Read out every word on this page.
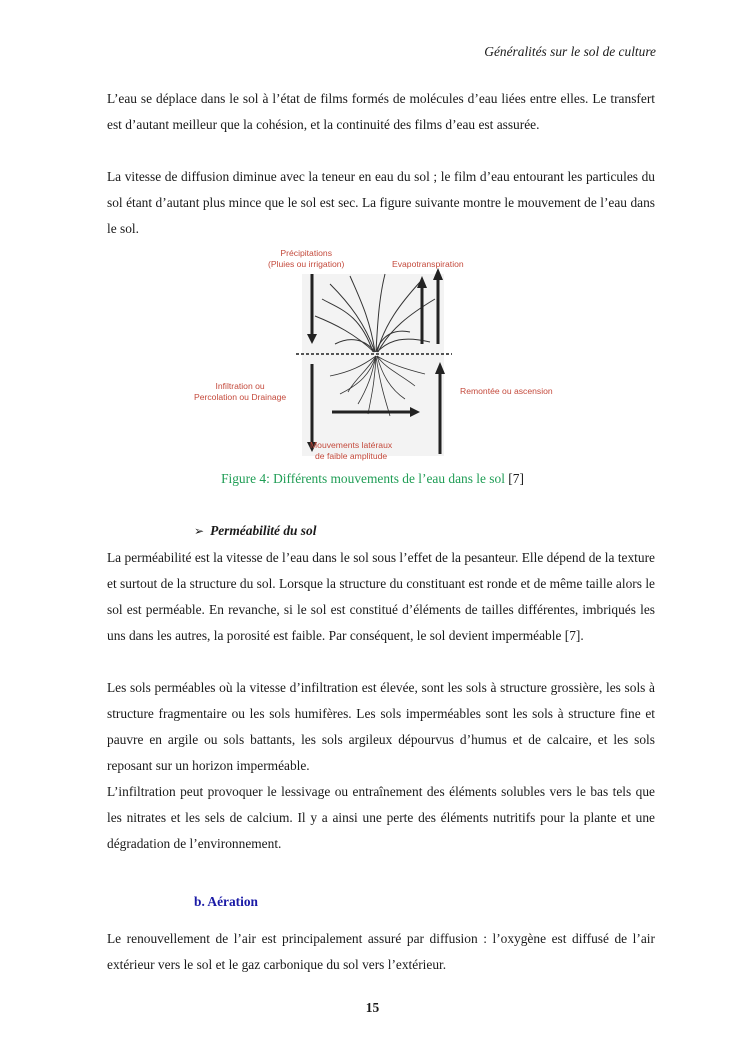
Généralités sur le sol de culture

L’eau se déplace dans le sol à l’état de films formés de molécules d’eau liées entre elles. Le transfert est d’autant meilleur que la cohésion, et la continuité des films d’eau est assurée.

La vitesse de diffusion diminue avec la teneur en eau du sol ; le film d’eau entourant les particules du sol étant d’autant plus mince que le sol est sec. La figure suivante montre le mouvement de l’eau dans le sol.

Précipitations
(Pluies ou irrigation)	Evapotranspiration
Infiltration ou
Percolation ou Drainage
Remontée ou ascension
Mouvements latéraux
de faible amplitude
Figure 4: Différents mouvements de l’eau dans le sol [7]
➢ Perméabilité du sol

La perméabilité est la vitesse de l’eau dans le sol sous l’effet de la pesanteur. Elle dépend de la texture et surtout de la structure du sol. Lorsque la structure du constituant est ronde et de même taille alors le sol est perméable. En revanche, si le sol est constitué d’éléments de tailles différentes, imbriqués les uns dans les autres, la porosité est faible. Par conséquent, le sol devient imperméable [7].

Les sols perméables où la vitesse d’infiltration est élevée, sont les sols à structure grossière, les sols à structure fragmentaire ou les sols humifères. Les sols imperméables sont les sols à structure fine et pauvre en argile ou sols battants, les sols argileux dépourvus d’humus et de calcaire, et les sols reposant sur un horizon imperméable.

L’infiltration peut provoquer le lessivage ou entraînement des éléments solubles vers le bas tels que les nitrates et les sels de calcium. Il y a ainsi une perte des éléments nutritifs pour la plante et une dégradation de l’environnement.

b. Aération

Le renouvellement de l’air est principalement assuré par diffusion : l’oxygène est diffusé de l’air extérieur vers le sol et le gaz carbonique du sol vers l’extérieur.

15
